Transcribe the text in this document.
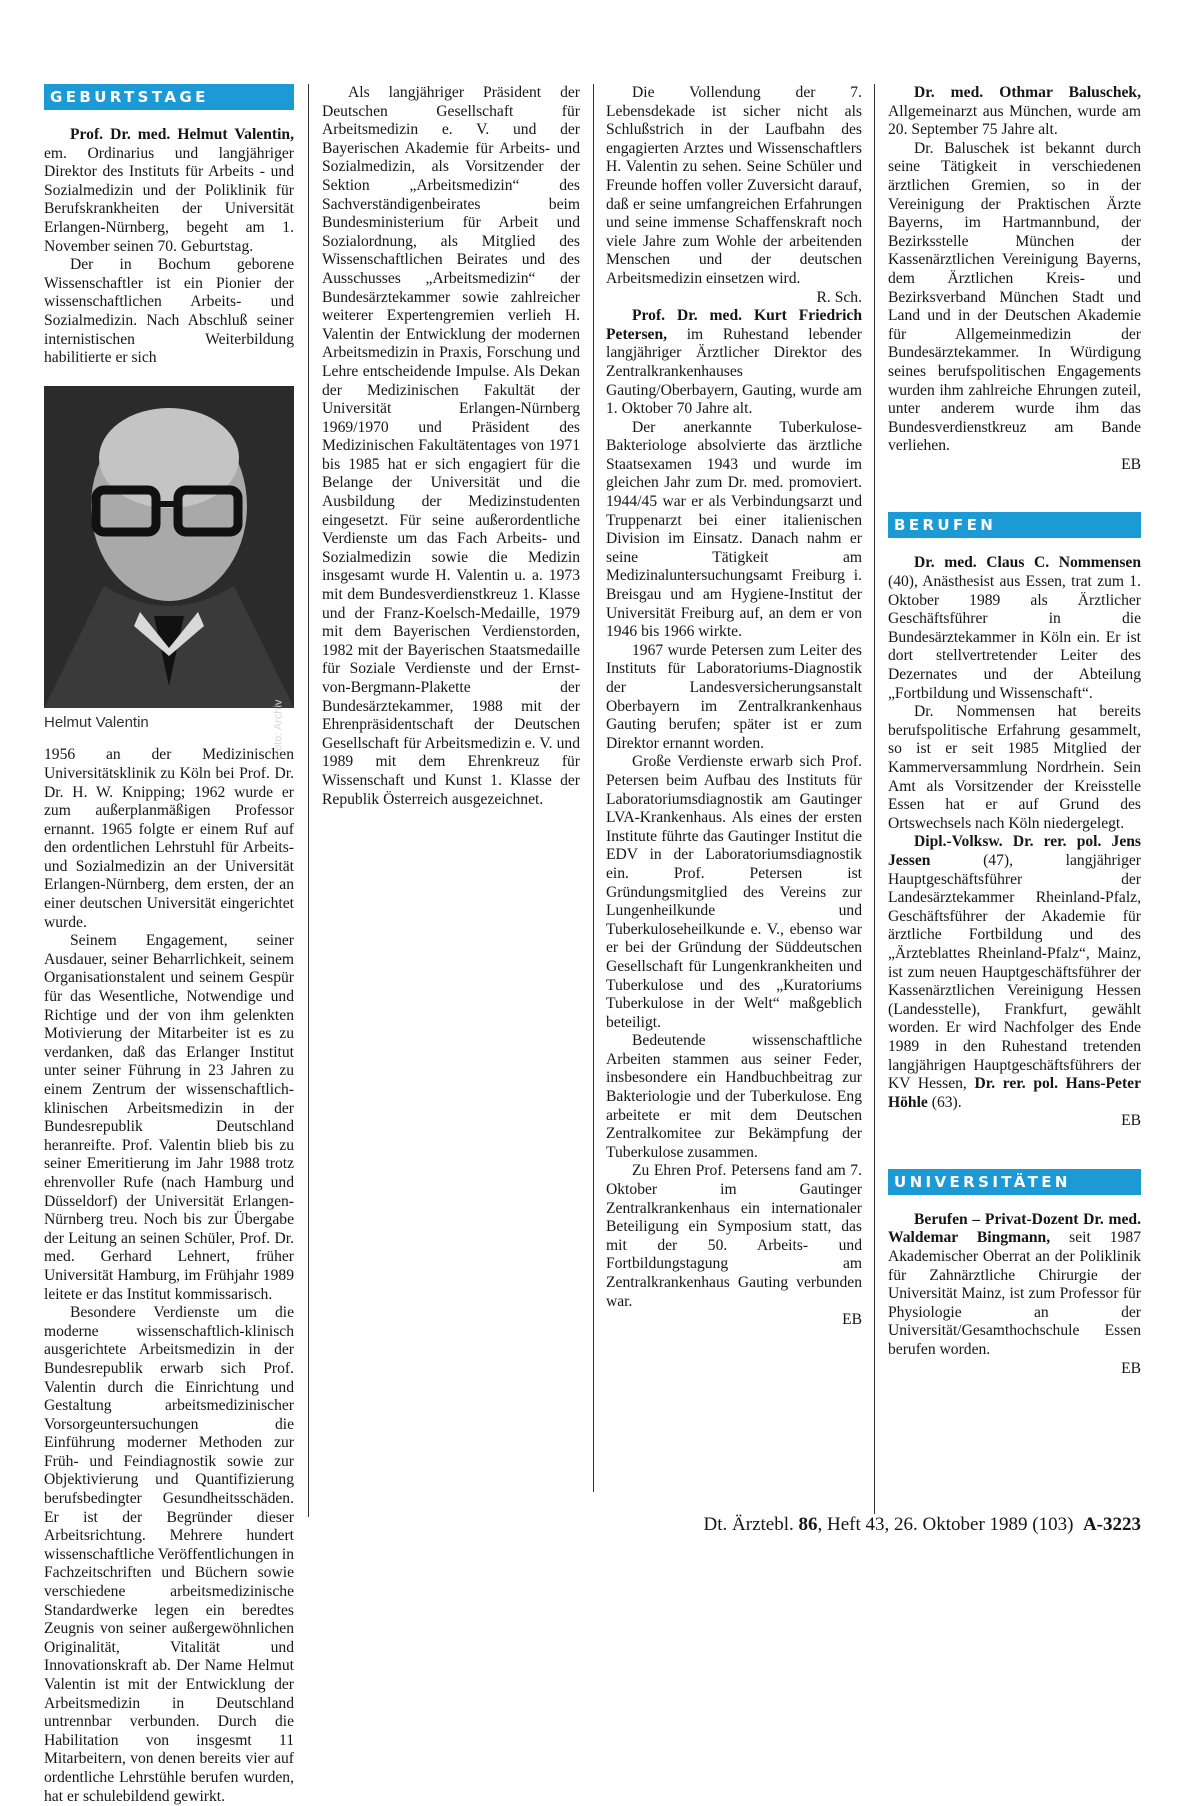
GEBURTSTAGE

Prof. Dr. med. Helmut Valentin, em. Ordinarius und langjähriger Direktor des Instituts für Arbeits - und Sozialmedizin und der Poliklinik für Berufskrankheiten der Universität Erlangen-Nürnberg, begeht am 1. November seinen 70. Geburtstag.

Der in Bochum geborene Wissenschaftler ist ein Pionier der wissenschaftlichen Arbeits- und Sozialmedizin. Nach Abschluß seiner internistischen Weiterbildung habilitierte er sich

Foto: Archiv
Helmut Valentin

1956 an der Medizinischen Universitätsklinik zu Köln bei Prof. Dr. Dr. H. W. Knipping; 1962 wurde er zum außerplanmäßigen Professor ernannt. 1965 folgte er einem Ruf auf den ordentlichen Lehrstuhl für Arbeits- und Sozialmedizin an der Universität Erlangen-Nürnberg, dem ersten, der an einer deutschen Universität eingerichtet wurde.

Seinem Engagement, seiner Ausdauer, seiner Beharrlichkeit, seinem Organisationstalent und seinem Gespür für das Wesentliche, Notwendige und Richtige und der von ihm gelenkten Motivierung der Mitarbeiter ist es zu verdanken, daß das Erlanger Institut unter seiner Führung in 23 Jahren zu einem Zentrum der wissenschaftlich-klinischen Arbeitsmedizin in der Bundesrepublik Deutschland heranreifte. Prof. Valentin blieb bis zu seiner Emeritierung im Jahr 1988 trotz ehrenvoller Rufe (nach Hamburg und Düsseldorf) der Universität Erlangen-Nürnberg treu. Noch bis zur Übergabe der Leitung an seinen Schüler, Prof. Dr. med. Gerhard Lehnert, früher Universität Hamburg, im Frühjahr 1989 leitete er das Institut kommissarisch.

Besondere Verdienste um die moderne wissenschaftlich-klinisch ausgerichtete Arbeitsmedizin in der Bundesrepublik erwarb sich Prof. Valentin durch die Einrichtung und Gestaltung arbeitsmedizinischer Vorsorgeuntersuchungen die Einführung moderner Methoden zur Früh- und Feindiagnostik sowie zur Objektivierung und Quantifizierung berufsbedingter Gesundheitsschäden. Er ist der Begründer dieser Arbeitsrichtung. Mehrere hundert wissenschaftliche Veröffentlichungen in Fachzeitschriften und Büchern sowie verschiedene arbeitsmedizinische Standardwerke legen ein beredtes Zeugnis von seiner außergewöhnlichen Originalität, Vitalität und Innovationskraft ab. Der Name Helmut Valentin ist mit der Entwicklung der Arbeitsmedizin in Deutschland untrennbar verbunden. Durch die Habilitation von insgesmt 11 Mitarbeitern, von denen bereits vier auf ordentliche Lehrstühle berufen wurden, hat er schulebildend gewirkt.

Als langjähriger Präsident der Deutschen Gesellschaft für Arbeitsmedizin e. V. und der Bayerischen Akademie für Arbeits- und Sozialmedizin, als Vorsitzender der Sektion „Arbeitsmedizin“ des Sachverständigenbeirates beim Bundesministerium für Arbeit und Sozialordnung, als Mitglied des Wissenschaftlichen Beirates und des Ausschusses „Arbeitsmedizin“ der Bundesärztekammer sowie zahlreicher weiterer Expertengremien verlieh H. Valentin der Entwicklung der modernen Arbeitsmedizin in Praxis, Forschung und Lehre entscheidende Impulse. Als Dekan der Medizinischen Fakultät der Universität Erlangen-Nürnberg 1969/1970 und Präsident des Medizinischen Fakultätentages von 1971 bis 1985 hat er sich engagiert für die Belange der Universität und die Ausbildung der Medizinstudenten eingesetzt. Für seine außerordentliche Verdienste um das Fach Arbeits- und Sozialmedizin sowie die Medizin insgesamt wurde H. Valentin u. a. 1973 mit dem Bundesverdienstkreuz 1. Klasse und der Franz-Koelsch-Medaille, 1979 mit dem Bayerischen Verdienstorden, 1982 mit der Bayerischen Staatsmedaille für Soziale Verdienste und der Ernst-von-Bergmann-Plakette der Bundesärztekammer, 1988 mit der Ehrenpräsidentschaft der Deutschen Gesellschaft für Arbeitsmedizin e. V. und 1989 mit dem Ehrenkreuz für Wissenschaft und Kunst 1. Klasse der Republik Österreich ausgezeichnet.

Die Vollendung der 7. Lebensdekade ist sicher nicht als Schlußstrich in der Laufbahn des engagierten Arztes und Wissenschaftlers H. Valentin zu sehen. Seine Schüler und Freunde hoffen voller Zuversicht darauf, daß er seine umfangreichen Erfahrungen und seine immense Schaffenskraft noch viele Jahre zum Wohle der arbeitenden Menschen und der deutschen Arbeitsmedizin einsetzen wird.

R. Sch.

Prof. Dr. med. Kurt Friedrich Petersen, im Ruhestand lebender langjähriger Ärztlicher Direktor des Zentralkrankenhauses Gauting/Oberbayern, Gauting, wurde am 1. Oktober 70 Jahre alt.

Der anerkannte Tuberkulose-Bakteriologe absolvierte das ärztliche Staatsexamen 1943 und wurde im gleichen Jahr zum Dr. med. promoviert. 1944/45 war er als Verbindungsarzt und Truppenarzt bei einer italienischen Division im Einsatz. Danach nahm er seine Tätigkeit am Medizinaluntersuchungsamt Freiburg i. Breisgau und am Hygiene-Institut der Universität Freiburg auf, an dem er von 1946 bis 1966 wirkte.

1967 wurde Petersen zum Leiter des Instituts für Laboratoriums-Diagnostik der Landesversicherungsanstalt Oberbayern im Zentralkrankenhaus Gauting berufen; später ist er zum Direktor ernannt worden.

Große Verdienste erwarb sich Prof. Petersen beim Aufbau des Instituts für Laboratoriumsdiagnostik am Gautinger LVA-Krankenhaus. Als eines der ersten Institute führte das Gautinger Institut die EDV in der Laboratoriumsdiagnostik ein. Prof. Petersen ist Gründungsmitglied des Vereins zur Lungenheilkunde und Tuberkuloseheilkunde e. V., ebenso war er bei der Gründung der Süddeutschen Gesellschaft für Lungenkrankheiten und Tuberkulose und des „Kuratoriums Tuberkulose in der Welt“ maßgeblich beteiligt.

Bedeutende wissenschaftliche Arbeiten stammen aus seiner Feder, insbesondere ein Handbuchbeitrag zur Bakteriologie und der Tuberkulose. Eng arbeitete er mit dem Deutschen Zentralkomitee zur Bekämpfung der Tuberkulose zusammen.

Zu Ehren Prof. Petersens fand am 7. Oktober im Gautinger Zentralkrankenhaus ein internationaler Beteiligung ein Symposium statt, das mit der 50. Arbeits- und Fortbildungstagung am Zentralkrankenhaus Gauting verbunden war.

EB

Dr. med. Othmar Baluschek, Allgemeinarzt aus München, wurde am 20. September 75 Jahre alt.

Dr. Baluschek ist bekannt durch seine Tätigkeit in verschiedenen ärztlichen Gremien, so in der Vereinigung der Praktischen Ärzte Bayerns, im Hartmannbund, der Bezirksstelle München der Kassenärztlichen Vereinigung Bayerns, dem Ärztlichen Kreis- und Bezirksverband München Stadt und Land und in der Deutschen Akademie für Allgemeinmedizin der Bundesärztekammer. In Würdigung seines berufspolitischen Engagements wurden ihm zahlreiche Ehrungen zuteil, unter anderem wurde ihm das Bundesverdienstkreuz am Bande verliehen.

EB

BERUFEN

Dr. med. Claus C. Nommensen (40), Anästhesist aus Essen, trat zum 1. Oktober 1989 als Ärztlicher Geschäftsführer in die Bundesärztekammer in Köln ein. Er ist dort stellvertretender Leiter des Dezernates und der Abteilung „Fortbildung und Wissenschaft“.

Dr. Nommensen hat bereits berufspolitische Erfahrung gesammelt, so ist er seit 1985 Mitglied der Kammerversammlung Nordrhein. Sein Amt als Vorsitzender der Kreisstelle Essen hat er auf Grund des Ortswechsels nach Köln niedergelegt.

Dipl.-Volksw. Dr. rer. pol. Jens Jessen	(47), langjähriger Hauptgeschäftsführer der Landesärztekammer Rheinland-Pfalz, Geschäftsführer der Akademie für ärztliche Fortbildung und des „Ärzteblattes Rheinland-Pfalz“, Mainz, ist zum neuen Hauptgeschäftsführer der Kassenärztlichen Vereinigung Hessen (Landesstelle), Frankfurt, gewählt worden. Er wird Nachfolger des Ende 1989 in den Ruhestand tretenden langjährigen Hauptgeschäftsführers der KV Hessen, Dr. rer. pol. Hans-Peter Höhle (63).

EB

UNIVERSITÄTEN

Berufen – Privat-Dozent Dr. med. Waldemar Bingmann, seit 1987 Akademischer Oberrat an der Poliklinik für Zahnärztliche Chirurgie der Universität Mainz, ist zum Professor für Physiologie an der Universität/Gesamthochschule Essen berufen worden.

EB

Dt. Ärztebl. 86, Heft 43, 26. Oktober 1989 (103) A-3223
